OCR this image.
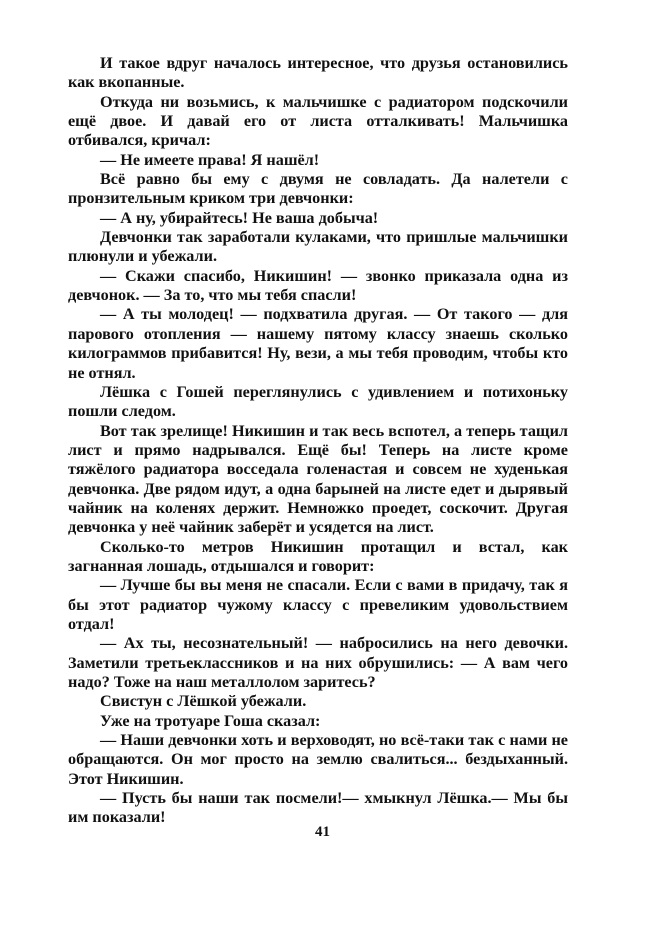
И такое вдруг началось интересное, что друзья остановились как вкопанные.

Откуда ни возьмись, к мальчишке с радиатором подскочили ещё двое. И давай его от листа отталкивать! Мальчишка отбивался, кричал:

— Не имеете права! Я нашёл!

Всё равно бы ему с двумя не совладать. Да налетели с пронзительным криком три девчонки:

— А ну, убирайтесь! Не ваша добыча!

Девчонки так заработали кулаками, что пришлые мальчишки плюнули и убежали.

— Скажи спасибо, Никишин! — звонко приказала одна из девчонок. — За то, что мы тебя спасли!

— А ты молодец! — подхватила другая. — От такого — для парового отопления — нашему пятому классу знаешь сколько килограммов прибавится! Ну, вези, а мы тебя проводим, чтобы кто не отнял.

Лёшка с Гошей переглянулись с удивлением и потихоньку пошли следом.

Вот так зрелище! Никишин и так весь вспотел, а теперь тащил лист и прямо надрывался. Ещё бы! Теперь на листе кроме тяжёлого радиатора восседала голенастая и совсем не худенькая девчонка. Две рядом идут, а одна барыней на листе едет и дырявый чайник на коленях держит. Немножко проедет, соскочит. Другая девчонка у неё чайник заберёт и усядется на лист.

Сколько-то метров Никишин протащил и встал, как загнанная лошадь, отдышался и говорит:

— Лучше бы вы меня не спасали. Если с вами в придачу, так я бы этот радиатор чужому классу с превеликим удовольствием отдал!

— Ах ты, несознательный! — набросились на него девочки. Заметили третьеклассников и на них обрушились: — А вам чего надо? Тоже на наш металлолом заритесь?

Свистун с Лёшкой убежали.

Уже на тротуаре Гоша сказал:

— Наши девчонки хоть и верховодят, но всё-таки так с нами не обращаются. Он мог просто на землю свалиться... бездыханный. Этот Никишин.

— Пусть бы наши так посмели!— хмыкнул Лёшка.— Мы бы им показали!

41
